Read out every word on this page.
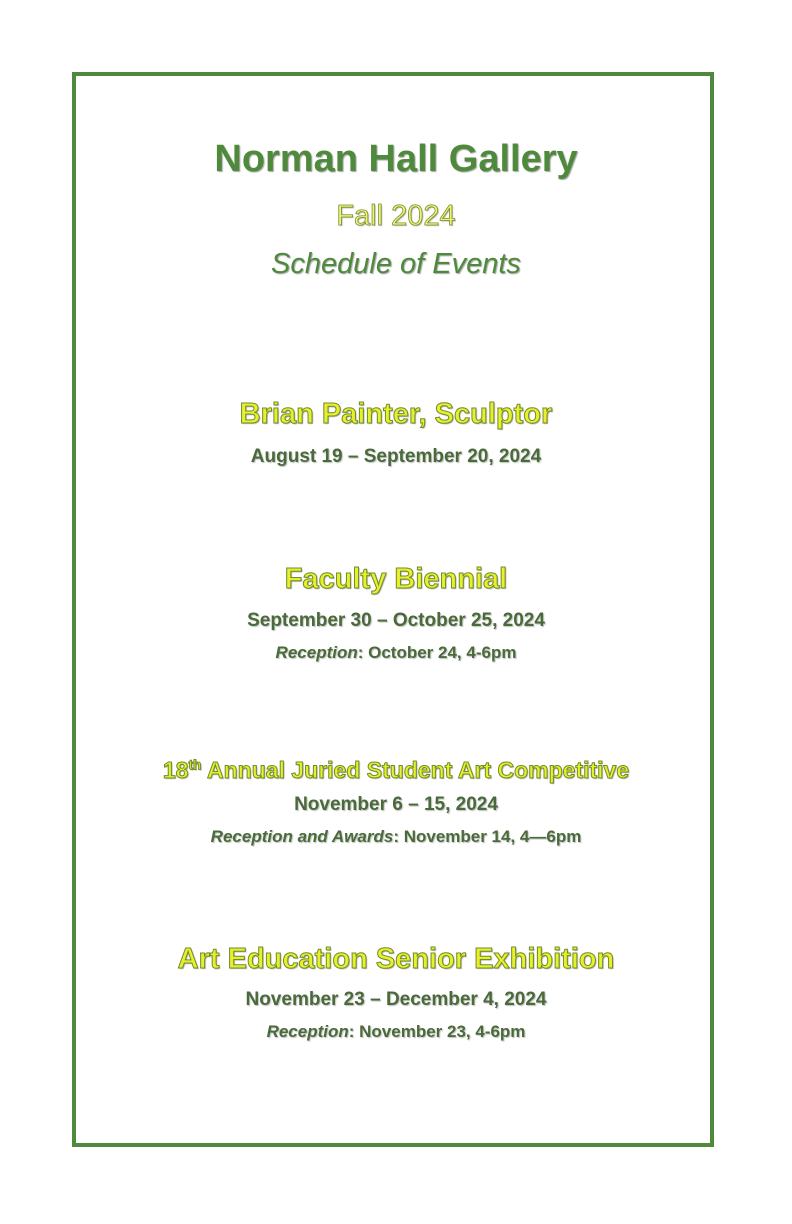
Norman Hall Gallery
Fall 2024
Schedule of Events
Brian Painter, Sculptor
August 19 – September 20, 2024
Faculty Biennial
September 30 – October 25, 2024
Reception: October 24, 4-6pm
18th Annual Juried Student Art Competitive
November 6 – 15, 2024
Reception and Awards: November 14, 4—6pm
Art Education Senior Exhibition
November 23 – December 4, 2024
Reception: November 23, 4-6pm
